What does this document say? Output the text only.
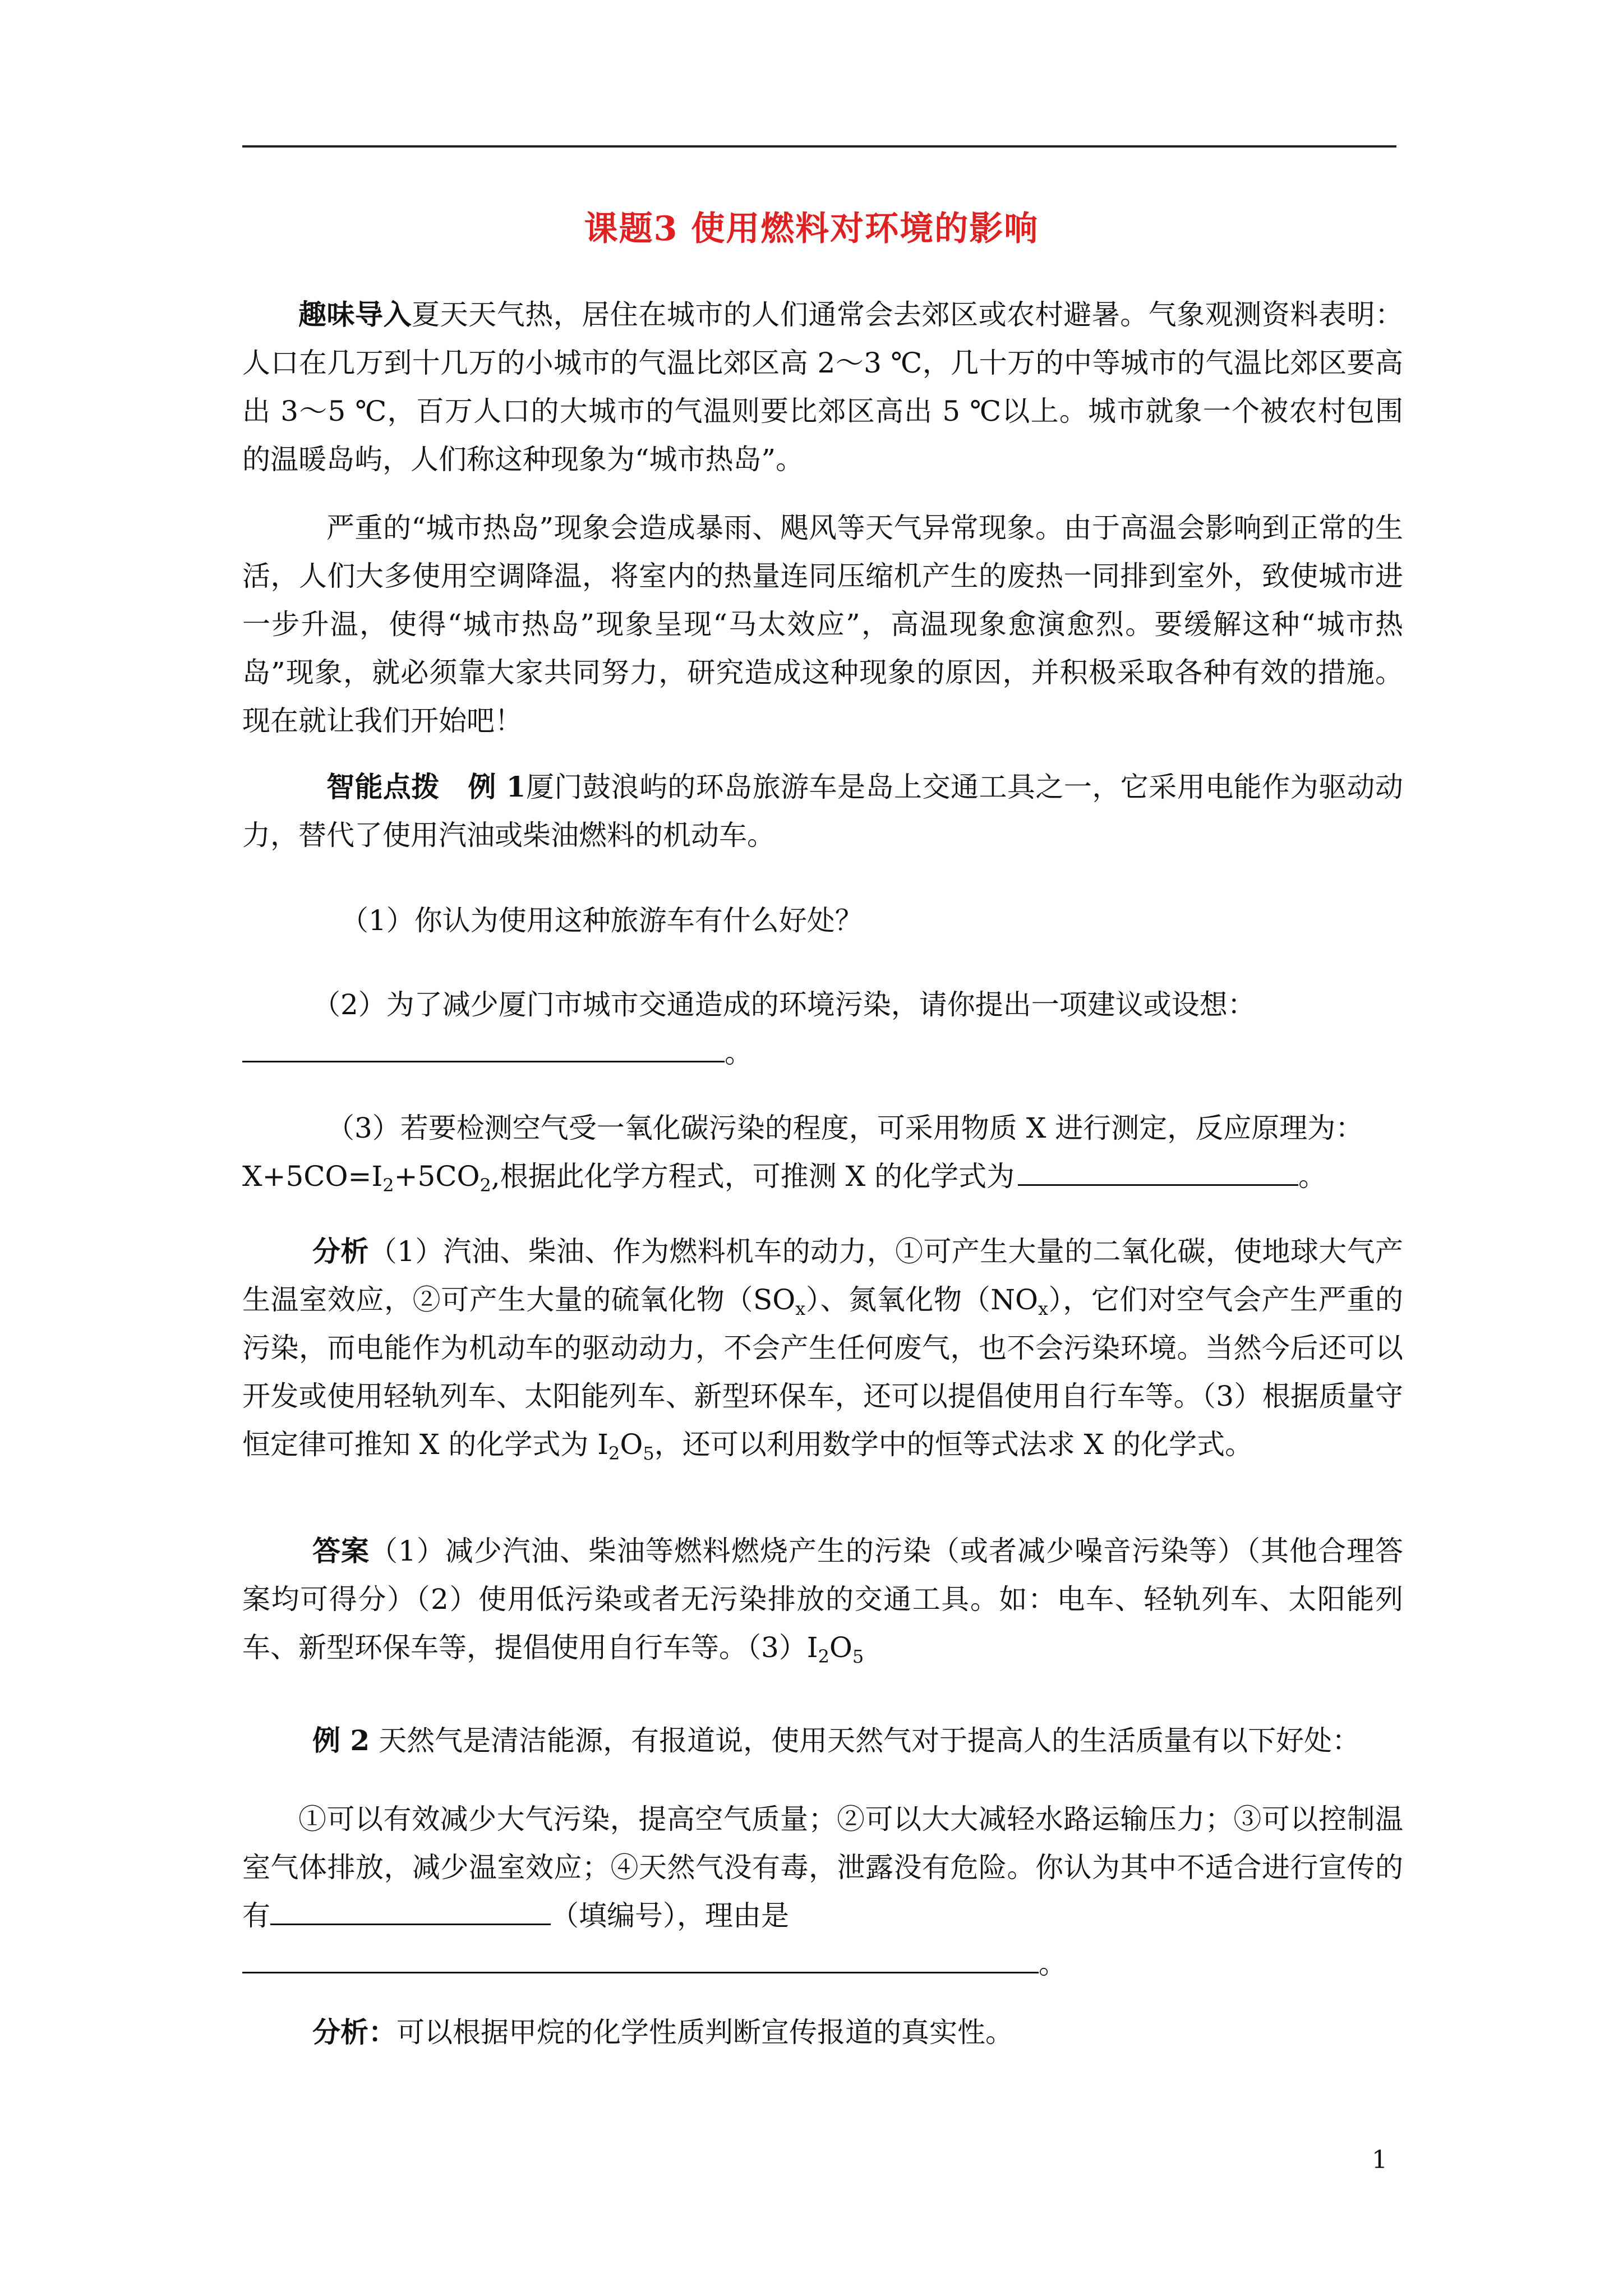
课题3 使用燃料对环境的影响
趣味导入夏天天气热，居住在城市的人们通常会去郊区或农村避暑。气象观测资料表明：人口在几万到十几万的小城市的气温比郊区高 2～3 ℃，几十万的中等城市的气温比郊区要高出 3～5 ℃，百万人口的大城市的气温则要比郊区高出 5 ℃以上。城市就象一个被农村包围的温暖岛屿，人们称这种现象为“城市热岛”。
严重的“城市热岛”现象会造成暴雨、飓风等天气异常现象。由于高温会影响到正常的生活，人们大多使用空调降温，将室内的热量连同压缩机产生的废热一同排到室外，致使城市进一步升温，使得“城市热岛”现象呈现“马太效应”，高温现象愈演愈烈。要缓解这种“城市热岛”现象，就必须靠大家共同努力，研究造成这种现象的原因，并积极采取各种有效的措施。 现在就让我们开始吧！
智能点拨　例 1厦门鼓浪屿的环岛旅游车是岛上交通工具之一，它采用电能作为驱动动力，替代了使用汽油或柴油燃料的机动车。
（1）你认为使用这种旅游车有什么好处？
（2）为了减少厦门市城市交通造成的环境污染，请你提出一项建议或设想：
。
（3）若要检测空气受一氧化碳污染的程度，可采用物质 X 进行测定，反应原理为：
$X+5CO=I_2+5CO_2$,根据此化学方程式，可推测 X 的化学式为	。
分析（1）汽油、柴油、作为燃料机车的动力，①可产生大量的二氧化碳，使地球大气产生温室效应，②可产生大量的硫氧化物$(SO_x)$、氮氧化物$(NO_x)$，它们对空气会产生严重的污染，而电能作为机动车的驱动动力，不会产生任何废气，也不会污染环境。当然今后还可以开发或使用轻轨列车、太阳能列车、新型环保车，还可以提倡使用自行车等。（3）根据质量守恒定律可推知 X 的化学式为 $I_2O_5$，还可以利用数学中的恒等式法求 X 的化学式。
答案（1）减少汽油、柴油等燃料燃烧产生的污染（或者减少噪音污染等）（其他合理答案均可得分）（2）使用低污染或者无污染排放的交通工具。如：电车、轻轨列车、太阳能列车、新型环保车等，提倡使用自行车等。$(3)I_2O_5$
例 2 天然气是清洁能源，有报道说，使用天然气对于提高人的生活质量有以下好处：
①可以有效减少大气污染，提高空气质量；②可以大大减轻水路运输压力；③可以控制温室气体排放，减少温室效应；④天然气没有毒，泄露没有危险。你认为其中不适合进行宣传的有	（填编号），理由是
。
分析：可以根据甲烷的化学性质判断宣传报道的真实性。
1
